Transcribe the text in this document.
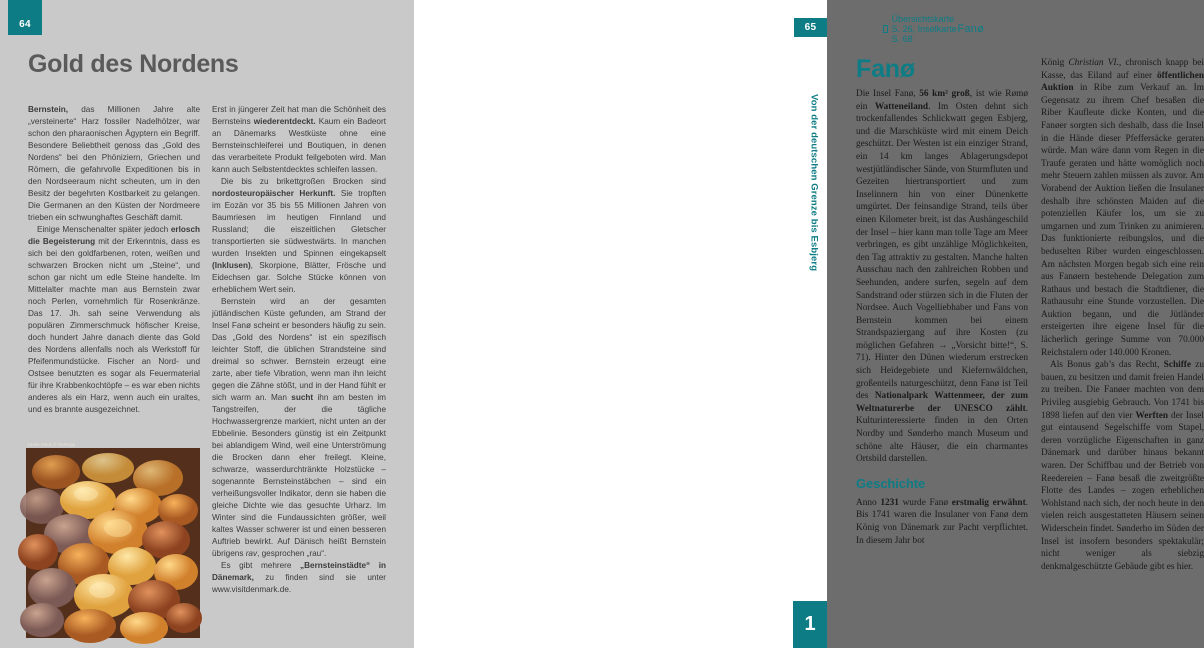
64
Gold des Nordens

Bernstein, das Millionen Jahre alte „versteinerte“ Harz fossiler Nadelhölzer, war schon den pharaonischen Ägyptern ein Begriff. Besondere Beliebtheit genoss das „Gold des Nordens“ bei den Phöniziern, Griechen und Römern, die gefahrvolle Expeditionen bis in den Nordseeraum nicht scheuten, um in den Besitz der begehrten Kostbarkeit zu gelangen. Die Germanen an den Küsten der Nordmeere trieben ein schwunghaftes Geschäft damit.

Einige Menschenalter später jedoch erlosch die Begeisterung mit der Erkenntnis, dass es sich bei den goldfarbenen, roten, weißen und schwarzen Brocken nicht um „Steine“, und schon gar nicht um edle Steine handelte. Im Mittelalter machte man aus Bernstein zwar noch Perlen, vornehmlich für Rosenkränze. Das 17. Jh. sah seine Verwendung als populären Zimmerschmuck höfischer Kreise, doch hundert Jahre danach diente das Gold des Nordens allenfalls noch als Werkstoff für Pfeifenmundstücke. Fischer an Nord- und Ostsee benutzten es sogar als Feuermaterial für ihre Krabbenkochtöpfe – es war eben nichts anderes als ein Harz, wenn auch ein uraltes, und es brannte ausgezeichnet.

Erst in jüngerer Zeit hat man die Schönheit des Bernsteins wiederentdeckt. Kaum ein Badeort an Dänemarks Westküste ohne eine Bernsteinschleiferei und Boutiquen, in denen das verarbeitete Produkt feilgeboten wird. Man kann auch Selbstentdecktes schleifen lassen.

Die bis zu brikettgroßen Brocken sind nordosteuropäischer Herkunft. Sie tropften im Eozän vor 35 bis 55 Millionen Jahren von Baumriesen im heutigen Finnland und Russland; die eiszeitlichen Gletscher transportierten sie südwestwärts. In manchen wurden Insekten und Spinnen eingekapselt (Inklusen), Skorpione, Blätter, Frösche und Eidechsen gar. Solche Stücke können von erheblichem Wert sein.

Bernstein wird an der gesamten jütländischen Küste gefunden, am Strand der Insel Fanø scheint er besonders häufig zu sein. Das „Gold des Nordens“ ist ein spezifisch leichter Stoff, die üblichen Strandsteine sind dreimal so schwer. Bernstein erzeugt eine zarte, aber tiefe Vibration, wenn man ihn leicht gegen die Zähne stößt, und in der Hand fühlt er sich warm an. Man sucht ihn am besten im Tangstreifen, der die tägliche Hochwassergrenze markiert, nicht unten an der Ebbelinie. Besonders günstig ist ein Zeitpunkt bei ablandigem Wind, weil eine Unterströmung die Brocken dann eher freilegt. Kleine, schwarze, wasserdurchtränkte Holzstücke – sogenannte Bernsteinstäbchen – sind ein verheißungsvoller Indikator, denn sie haben die gleiche Dichte wie das gesuchte Urharz. Im Winter sind die Fundaussichten größer, weil kaltes Wasser schwerer ist und einen besseren Auftrieb bewirkt. Auf Dänisch heißt Bernstein übrigens rav, gesprochen „rau“.

Es gibt mehrere „Bernsteinstädte“ in Dänemark, zu finden sind sie unter www.visitdenmark.de.

Adobe Stock © fotoRupp
Übersichtskarte S. 26, Inselkarte S. 68
Fanø
65
Fanø

Die Insel Fanø, 56 km² groß, ist wie Rømø ein Watteneiland. Im Osten dehnt sich trockenfallendes Schlickwatt gegen Esbjerg, und die Marschküste wird mit einem Deich geschützt. Der Westen ist ein einziger Strand, ein 14 km langes Ablagerungsdepot westjütländischer Sände, von Sturmfluten und Gezeiten hiertransportiert und zum Inselinnern hin von einer Dünenkette umgürtet. Der feinsandige Strand, teils über einen Kilometer breit, ist das Aushängeschild der Insel – hier kann man tolle Tage am Meer verbringen, es gibt unzählige Möglichkeiten, den Tag attraktiv zu gestalten. Manche halten Ausschau nach den zahlreichen Robben und Seehunden, andere surfen, segeln auf dem Sandstrand oder stürzen sich in die Fluten der Nordsee. Auch Vogelliebhaber und Fans von Bernstein kommen bei einem Strandspaziergang auf ihre Kosten (zu möglichen Gefahren → „Vorsicht bitte!“, S. 71). Hinter den Dünen wiederum erstrecken sich Heidegebiete und Kiefernwäldchen, großenteils naturgeschützt, denn Fanø ist Teil des Nationalpark Wattenmeer, der zum Weltnaturerbe der UNESCO zählt. Kulturinteressierte finden in den Orten Nordby und Sønderho manch Museum und schöne alte Häuser, die ein charmantes Ortsbild darstellen.

Geschichte

Anno 1231 wurde Fanø erstmalig erwähnt. Bis 1741 waren die Insulaner von Fanø dem König von Dänemark zur Pacht verpflichtet. In diesem Jahr bot

König Christian VI., chronisch knapp bei Kasse, das Eiland auf einer öffentlichen Auktion in Ribe zum Verkauf an. Im Gegensatz zu ihrem Chef besaßen die Riber Kaufleute dicke Konten, und die Fanøer sorgten sich deshalb, dass die Insel in die Hände dieser Pfeffersäcke geraten würde. Man wäre dann vom Regen in die Traufe geraten und hätte womöglich noch mehr Steuern zahlen müssen als zuvor. Am Vorabend der Auktion ließen die Insulaner deshalb ihre schönsten Maiden auf die potenziellen Käufer los, um sie zu umgarnen und zum Trinken zu animieren. Das funktionierte reibungslos, und die beduselten Riber wurden eingeschlossen. Am nächsten Morgen begab sich eine rein aus Fanøern bestehende Delegation zum Rathaus und bestach die Stadtdiener, die Rathausuhr eine Stunde vorzustellen. Die Auktion begann, und die Jütländer ersteigerten ihre eigene Insel für die lächerlich geringe Summe von 70.000 Reichstalern oder 140.000 Kronen.

Als Bonus gab’s das Recht, Schiffe zu bauen, zu besitzen und damit freien Handel zu treiben. Die Fanøer machten von dem Privileg ausgiebig Gebrauch. Von 1741 bis 1898 liefen auf den vier Werften der Insel gut eintausend Segelschiffe vom Stapel, deren vorzügliche Eigenschaften in ganz Dänemark und darüber hinaus bekannt waren. Der Schiffbau und der Betrieb von Reedereien – Fanø besaß die zweitgrößte Flotte des Landes – zogen erheblichen Wohlstand nach sich, der noch heute in den vielen reich ausgestatteten Häusern seinen Widerschein findet. Sønderho im Süden der Insel ist insofern besonders spektakulär; nicht weniger als siebzig denkmalgeschützte Gebäude gibt es hier.

Von der deutschen Grenze bis Esbjerg
1
